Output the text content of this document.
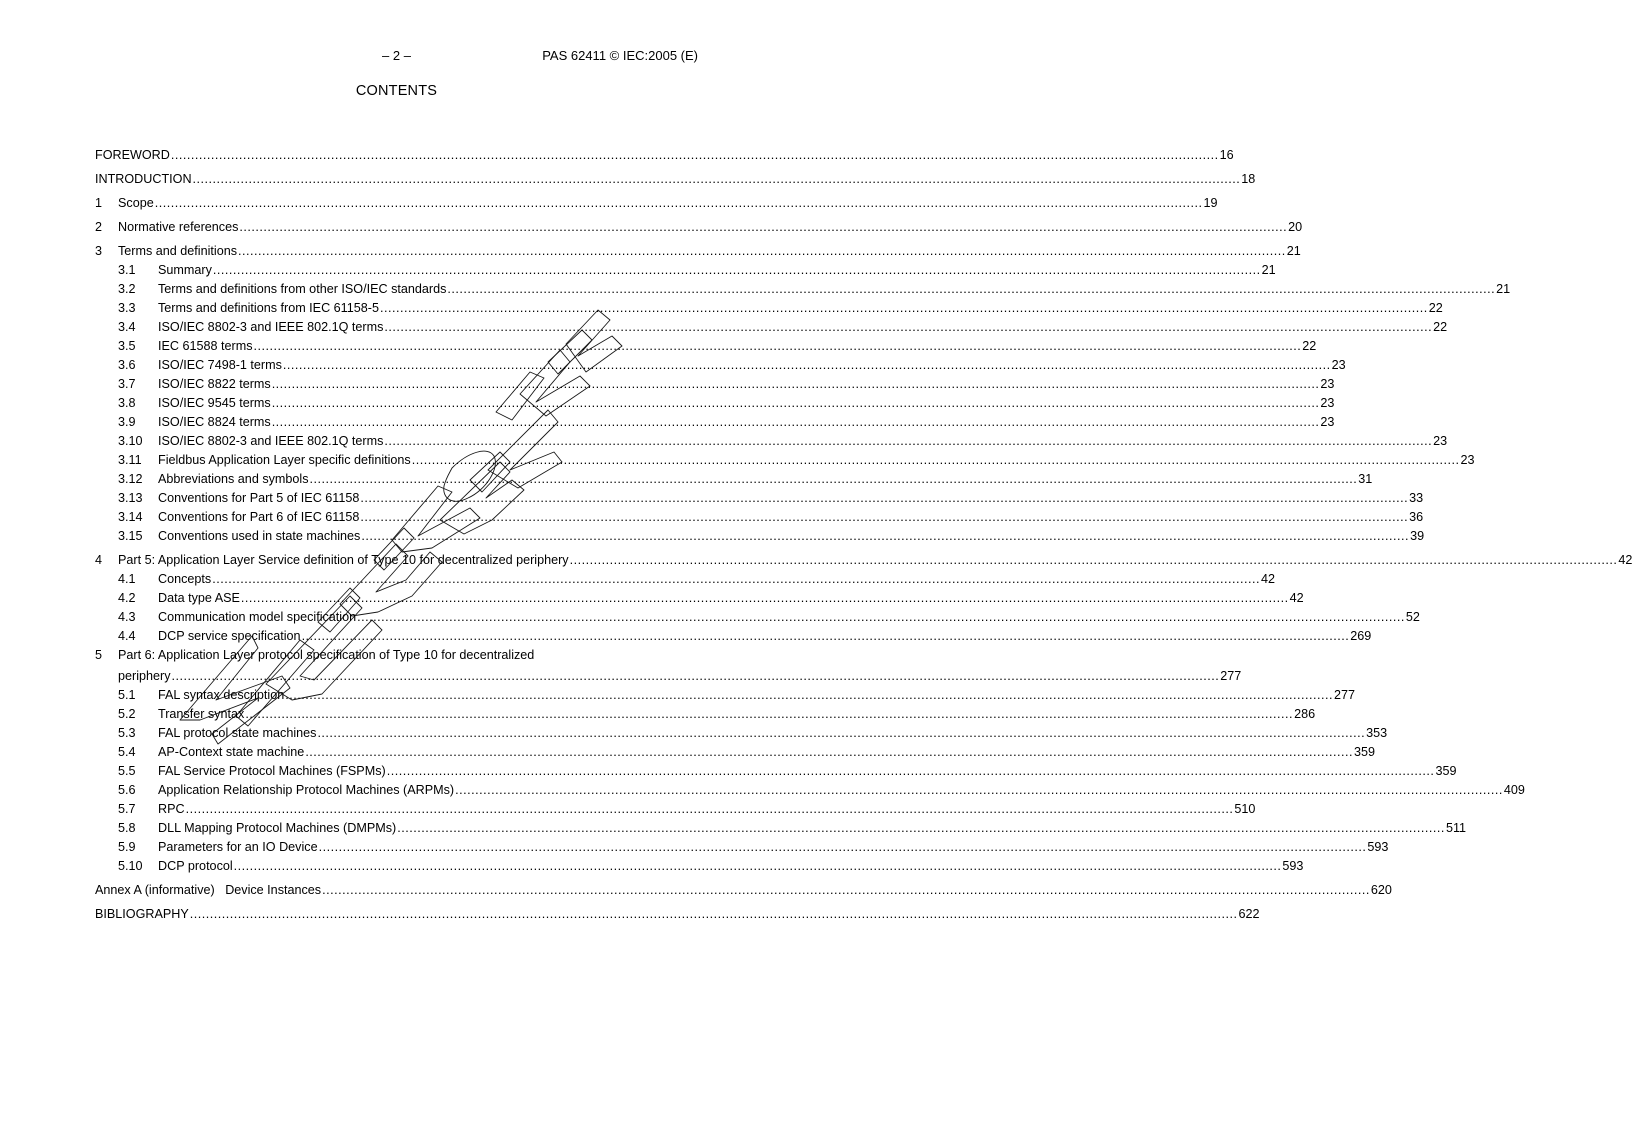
– 2 –	PAS 62411 © IEC:2005 (E)
CONTENTS
FOREWORD .....	16
INTRODUCTION .....	18
1	Scope .....	19
2	Normative references .....	20
3	Terms and definitions .....	21
3.1	Summary .....	21
3.2	Terms and definitions from other ISO/IEC standards .....	21
3.3	Terms and definitions from IEC 61158-5 .....	22
3.4	ISO/IEC 8802-3 and IEEE 802.1Q terms .....	22
3.5	IEC 61588 terms .....	22
3.6	ISO/IEC 7498-1 terms .....	23
3.7	ISO/IEC 8822 terms .....	23
3.8	ISO/IEC 9545 terms .....	23
3.9	ISO/IEC 8824 terms .....	23
3.10	ISO/IEC 8802-3 and IEEE 802.1Q terms .....	23
3.11	Fieldbus Application Layer specific definitions .....	23
3.12	Abbreviations and symbols .....	31
3.13	Conventions for Part 5 of IEC 61158 .....	33
3.14	Conventions for Part 6 of IEC 61158 .....	36
3.15	Conventions used in state machines .....	39
4	Part 5: Application Layer Service definition of Type 10 for decentralized periphery .....	42
4.1	Concepts .....	42
4.2	Data type ASE .....	42
4.3	Communication model specification .....	52
4.4	DCP service specification .....	269
5	Part 6: Application Layer protocol specification of Type 10 for decentralized
periphery .....	277
5.1	FAL syntax description .....	277
5.2	Transfer syntax .....	286
5.3	FAL protocol state machines .....	353
5.4	AP-Context state machine .....	359
5.5	FAL Service Protocol Machines (FSPMs) .....	359
5.6	Application Relationship Protocol Machines (ARPMs) .....	409
5.7	RPC .....	510
5.8	DLL Mapping Protocol Machines (DMPMs) .....	511
5.9	Parameters for an IO Device .....	593
5.10	DCP protocol .....	593
Annex A (informative)   Device Instances .....	620
BIBLIOGRAPHY .....	622
